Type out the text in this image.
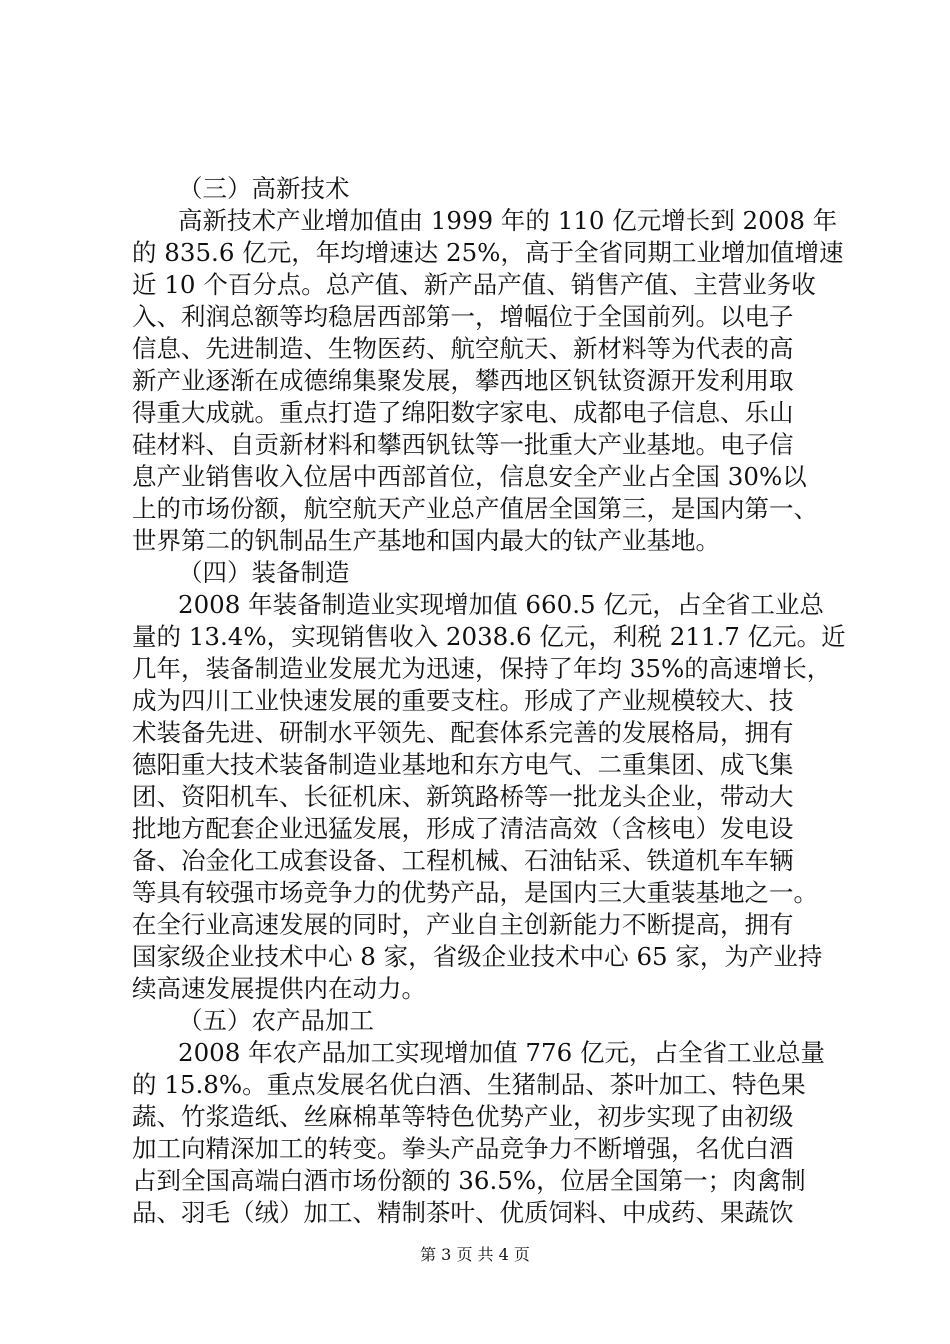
（三）高新技术
高新技术产业增加值由 1999 年的 110 亿元增长到 2008 年
的 835.6 亿元，年均增速达 25%，高于全省同期工业增加值增速
近 10 个百分点。总产值、新产品产值、销售产值、主营业务收
入、利润总额等均稳居西部第一，增幅位于全国前列。以电子
信息、先进制造、生物医药、航空航天、新材料等为代表的高
新产业逐渐在成德绵集聚发展，攀西地区钒钛资源开发利用取
得重大成就。重点打造了绵阳数字家电、成都电子信息、乐山
硅材料、自贡新材料和攀西钒钛等一批重大产业基地。电子信
息产业销售收入位居中西部首位，信息安全产业占全国 30%以
上的市场份额，航空航天产业总产值居全国第三，是国内第一、
世界第二的钒制品生产基地和国内最大的钛产业基地。
（四）装备制造
2008 年装备制造业实现增加值 660.5 亿元，占全省工业总
量的 13.4%，实现销售收入 2038.6 亿元，利税 211.7 亿元。近
几年，装备制造业发展尤为迅速，保持了年均 35%的高速增长，
成为四川工业快速发展的重要支柱。形成了产业规模较大、技
术装备先进、研制水平领先、配套体系完善的发展格局，拥有
德阳重大技术装备制造业基地和东方电气、二重集团、成飞集
团、资阳机车、长征机床、新筑路桥等一批龙头企业，带动大
批地方配套企业迅猛发展，形成了清洁高效（含核电）发电设
备、冶金化工成套设备、工程机械、石油钻采、铁道机车车辆
等具有较强市场竞争力的优势产品，是国内三大重装基地之一。
在全行业高速发展的同时，产业自主创新能力不断提高，拥有
国家级企业技术中心 8 家，省级企业技术中心 65 家，为产业持
续高速发展提供内在动力。
（五）农产品加工
2008 年农产品加工实现增加值 776 亿元，占全省工业总量
的 15.8%。重点发展名优白酒、生猪制品、茶叶加工、特色果
蔬、竹浆造纸、丝麻棉革等特色优势产业，初步实现了由初级
加工向精深加工的转变。拳头产品竞争力不断增强，名优白酒
占到全国高端白酒市场份额的 36.5%，位居全国第一；肉禽制
品、羽毛（绒）加工、精制茶叶、优质饲料、中成药、果蔬饮
第 3 页 共 4 页
